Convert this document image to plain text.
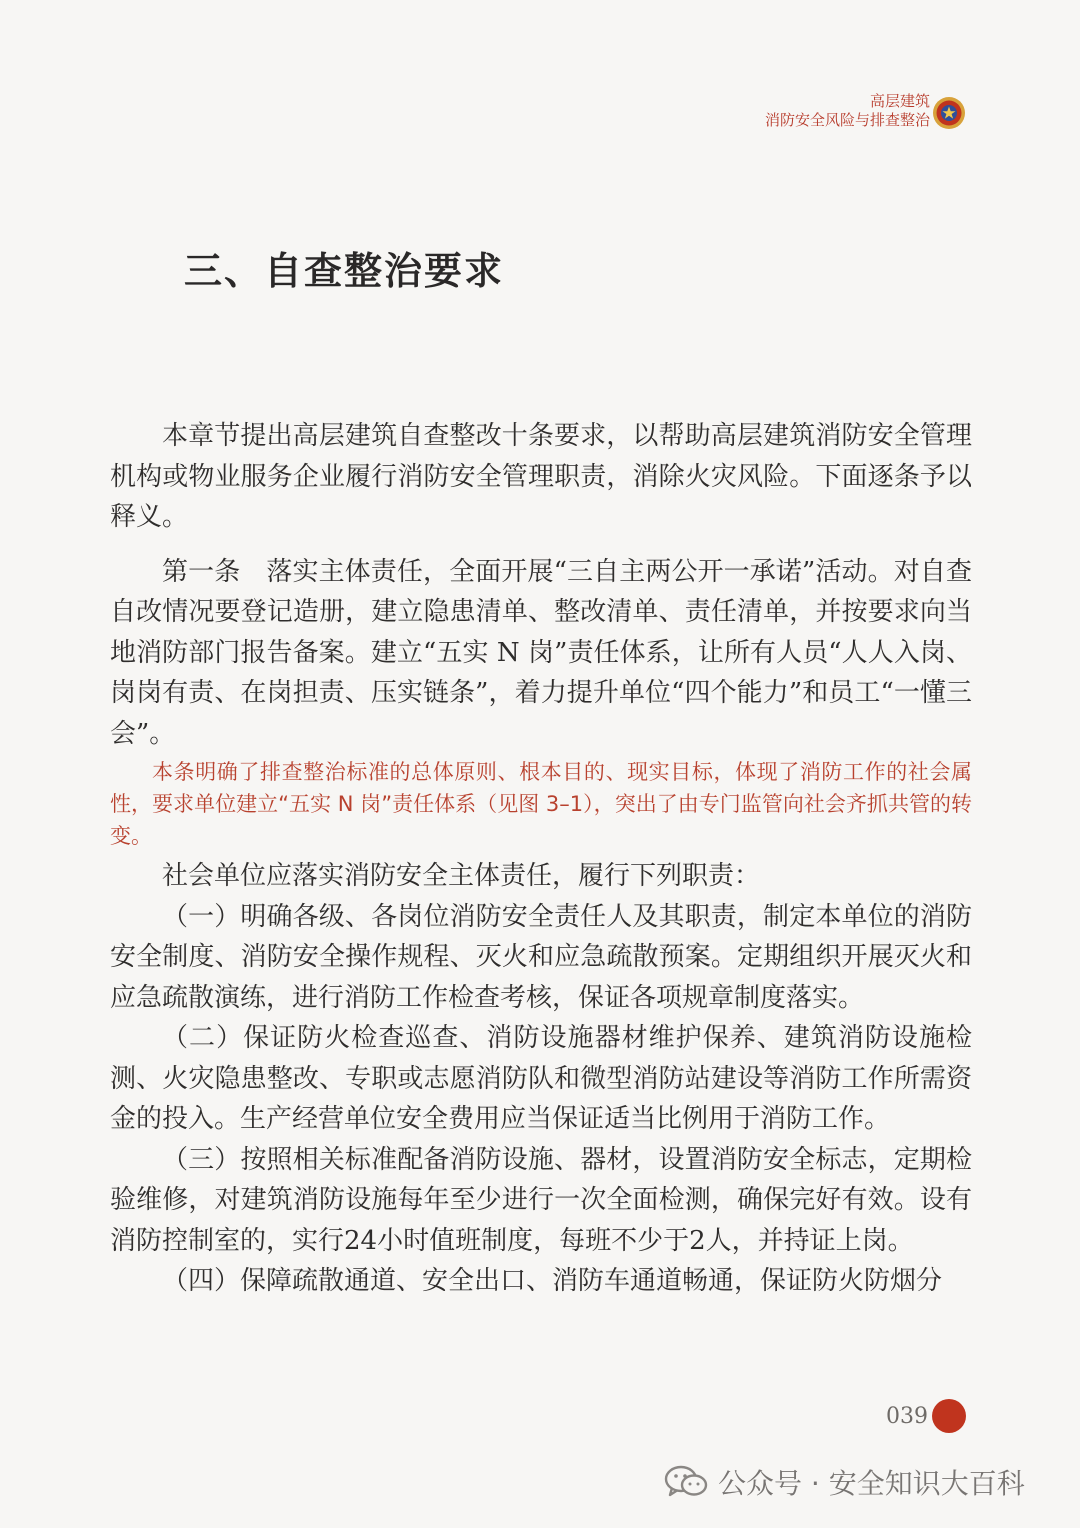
高层建筑
消防安全风险与排查整治
三、自查整治要求

本章节提出高层建筑自查整改十条要求，以帮助高层建筑消防安全管理机构或物业服务企业履行消防安全管理职责，消除火灾风险。下面逐条予以释义。

第一条 落实主体责任，全面开展“三自主两公开一承诺”活动。对自查自改情况要登记造册，建立隐患清单、整改清单、责任清单，并按要求向当地消防部门报告备案。建立“五实 N 岗”责任体系，让所有人员“人人入岗、岗岗有责、在岗担责、压实链条”，着力提升单位“四个能力”和员工“一懂三会”。

本条明确了排查整治标准的总体原则、根本目的、现实目标，体现了消防工作的社会属性，要求单位建立“五实 N 岗”责任体系（见图 3–1），突出了由专门监管向社会齐抓共管的转变。

社会单位应落实消防安全主体责任，履行下列职责：

（一）明确各级、各岗位消防安全责任人及其职责，制定本单位的消防安全制度、消防安全操作规程、灭火和应急疏散预案。定期组织开展灭火和应急疏散演练，进行消防工作检查考核，保证各项规章制度落实。

（二）保证防火检查巡查、消防设施器材维护保养、建筑消防设施检测、火灾隐患整改、专职或志愿消防队和微型消防站建设等消防工作所需资金的投入。生产经营单位安全费用应当保证适当比例用于消防工作。

（三）按照相关标准配备消防设施、器材，设置消防安全标志，定期检验维修，对建筑消防设施每年至少进行一次全面检测，确保完好有效。设有消防控制室的，实行24小时值班制度，每班不少于2人，并持证上岗。

（四）保障疏散通道、安全出口、消防车通道畅通，保证防火防烟分

039
公众号 · 安全知识大百科
